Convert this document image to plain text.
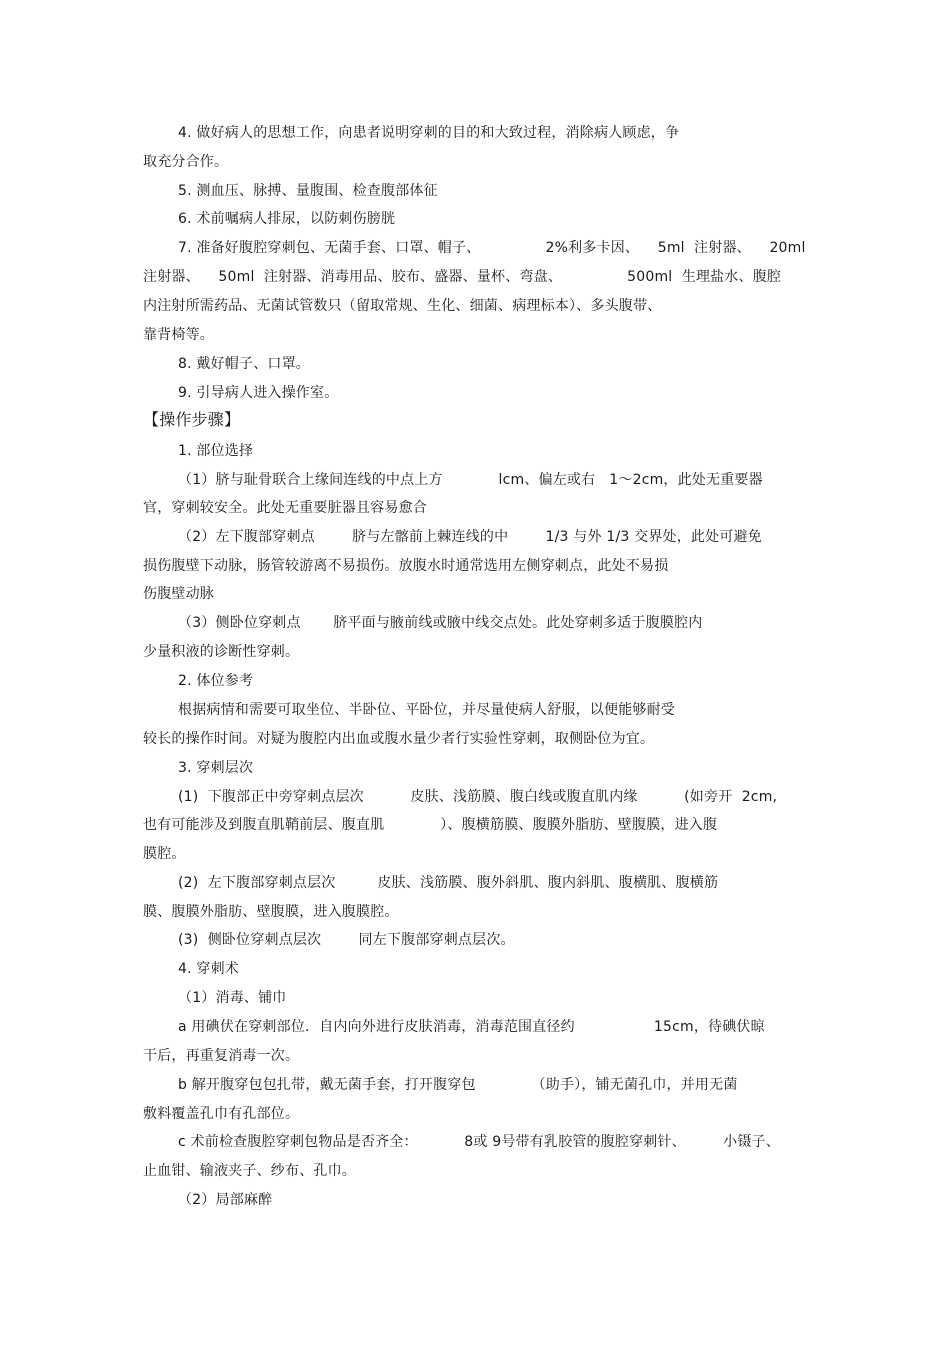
4. 做好病人的思想工作，向患者说明穿刺的目的和大致过程，消除病人顾虑，争
取充分合作。
5. 测血压、脉搏、量腹围、检查腹部体征
6. 术前嘱病人排尿，以防刺伤膀胱
7. 准备好腹腔穿刺包、无菌手套、口罩、帽子、              2%利多卡因、    5ml  注射器、    20ml
注射器、    50ml  注射器、消毒用品、胶布、盛器、量杯、弯盘、              500ml  生理盐水、腹腔
内注射所需药品、无菌试管数只（留取常规、生化、细菌、病理标本）、多头腹带、
靠背椅等。
8. 戴好帽子、口罩。
9. 引导病人进入操作室。
【操作步骤】
1. 部位选择
（1）脐与耻骨联合上缘间连线的中点上方            lcm、偏左或右   1～2cm，此处无重要器
官，穿刺较安全。此处无重要脏器且容易愈合
（2）左下腹部穿刺点        脐与左髂前上棘连线的中        1/3 与外 1/3 交界处，此处可避免
损伤腹壁下动脉，肠管较游离不易损伤。放腹水时通常选用左侧穿刺点，此处不易损
伤腹壁动脉
（3）侧卧位穿刺点       脐平面与腋前线或腋中线交点处。此处穿刺多适于腹膜腔内
少量积液的诊断性穿刺。
2. 体位参考
根据病情和需要可取坐位、半卧位、平卧位，并尽量使病人舒服，以便能够耐受
较长的操作时间。对疑为腹腔内出血或腹水量少者行实验性穿刺，取侧卧位为宜。
3. 穿刺层次
(1)  下腹部正中旁穿刺点层次          皮肤、浅筋膜、腹白线或腹直肌内缘          (如旁开  2cm,
也有可能涉及到腹直肌鞘前层、腹直肌            ）、腹横筋膜、腹膜外脂肪、壁腹膜，进入腹
膜腔。
(2)  左下腹部穿刺点层次         皮肤、浅筋膜、腹外斜肌、腹内斜肌、腹横肌、腹横筋
膜、腹膜外脂肪、壁腹膜，进入腹膜腔。
(3)  侧卧位穿刺点层次        同左下腹部穿刺点层次。
4. 穿刺术
（1）消毒、铺巾
a 用碘伏在穿刺部位．自内向外进行皮肤消毒，消毒范围直径约                 15cm，待碘伏晾
干后，再重复消毒一次。
b 解开腹穿包包扎带，戴无菌手套，打开腹穿包            （助手），铺无菌孔巾，并用无菌
敷料覆盖孔巾有孔部位。
c 术前检查腹腔穿刺包物品是否齐全：          8或 9号带有乳胶管的腹腔穿刺针、        小镊子、
止血钳、输液夹子、纱布、孔巾。
（2）局部麻醉
